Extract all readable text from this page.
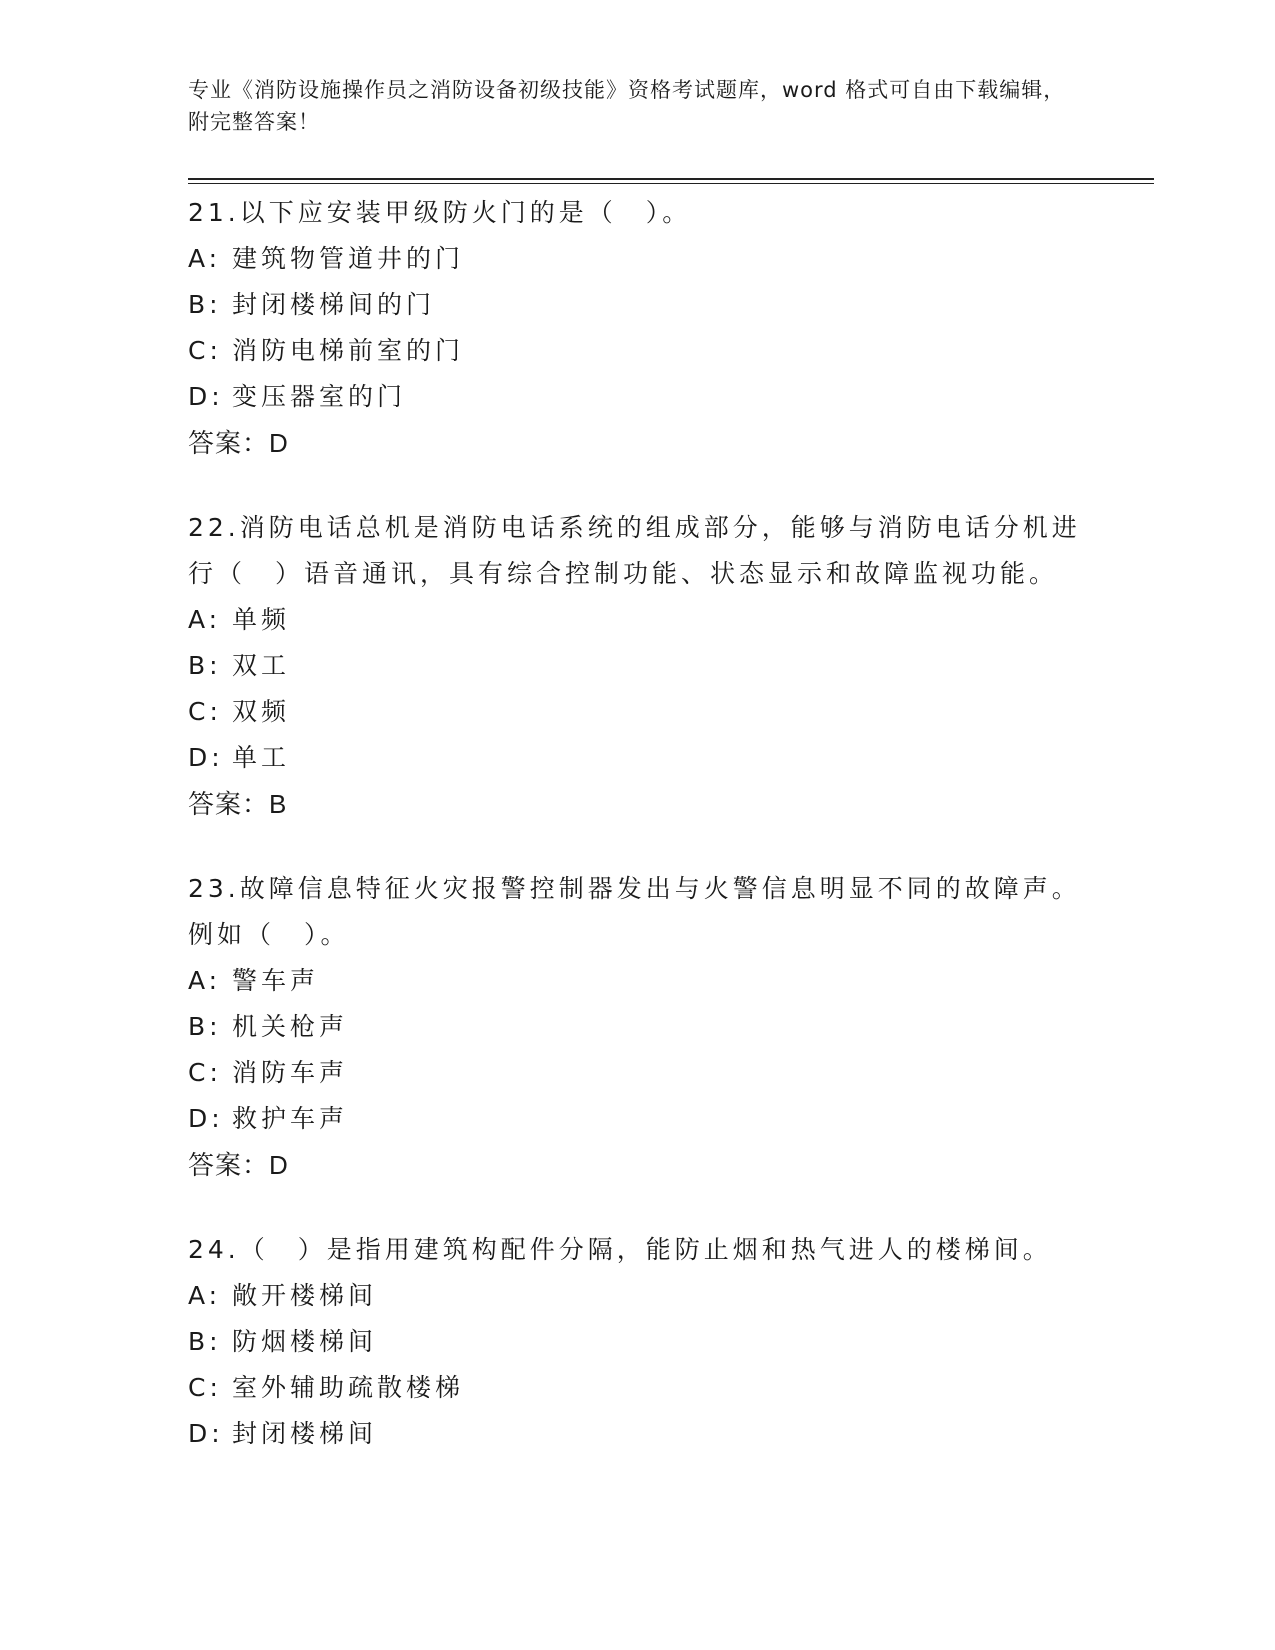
专业《消防设施操作员之消防设备初级技能》资格考试题库，word 格式可自由下载编辑，附完整答案！
21.以下应安装甲级防火门的是（　）。
A: 建筑物管道井的门
B: 封闭楼梯间的门
C: 消防电梯前室的门
D: 变压器室的门
答案：D
22.消防电话总机是消防电话系统的组成部分，能够与消防电话分机进行（　）语音通讯，具有综合控制功能、状态显示和故障监视功能。
A: 单频
B: 双工
C: 双频
D: 单工
答案：B
23.故障信息特征火灾报警控制器发出与火警信息明显不同的故障声。例如（　）。
A: 警车声
B: 机关枪声
C: 消防车声
D: 救护车声
答案：D
24.（　）是指用建筑构配件分隔，能防止烟和热气进人的楼梯间。
A: 敞开楼梯间
B: 防烟楼梯间
C: 室外辅助疏散楼梯
D: 封闭楼梯间
